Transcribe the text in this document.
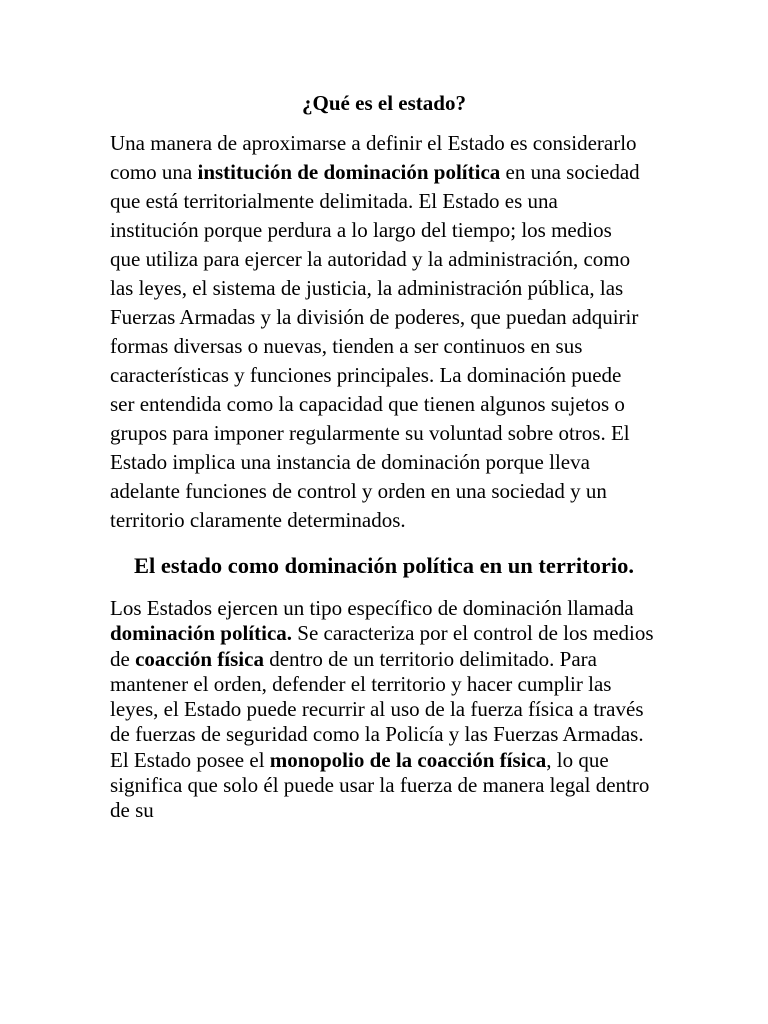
¿Qué es el estado?

Una manera de aproximarse a definir el Estado es considerarlo como una institución de dominación política en una sociedad que está territorialmente delimitada. El Estado es una institución porque perdura a lo largo del tiempo; los medios que utiliza para ejercer la autoridad y la administración, como las leyes, el sistema de justicia, la administración pública, las Fuerzas Armadas y la división de poderes, que puedan adquirir formas diversas o nuevas, tienden a ser continuos en sus características y funciones principales. La dominación puede ser entendida como la capacidad que tienen algunos sujetos o grupos para imponer regularmente su voluntad sobre otros. El Estado implica una instancia de dominación porque lleva adelante funciones de control y orden en una sociedad y un territorio claramente determinados.

El estado como dominación política en un territorio.

Los Estados ejercen un tipo específico de dominación llamada dominación política. Se caracteriza por el control de los medios de coacción física dentro de un territorio delimitado. Para mantener el orden, defender el territorio y hacer cumplir las leyes, el Estado puede recurrir al uso de la fuerza física a través de fuerzas de seguridad como la Policía y las Fuerzas Armadas. El Estado posee el monopolio de la coacción física, lo que significa que solo él puede usar la fuerza de manera legal dentro de su
